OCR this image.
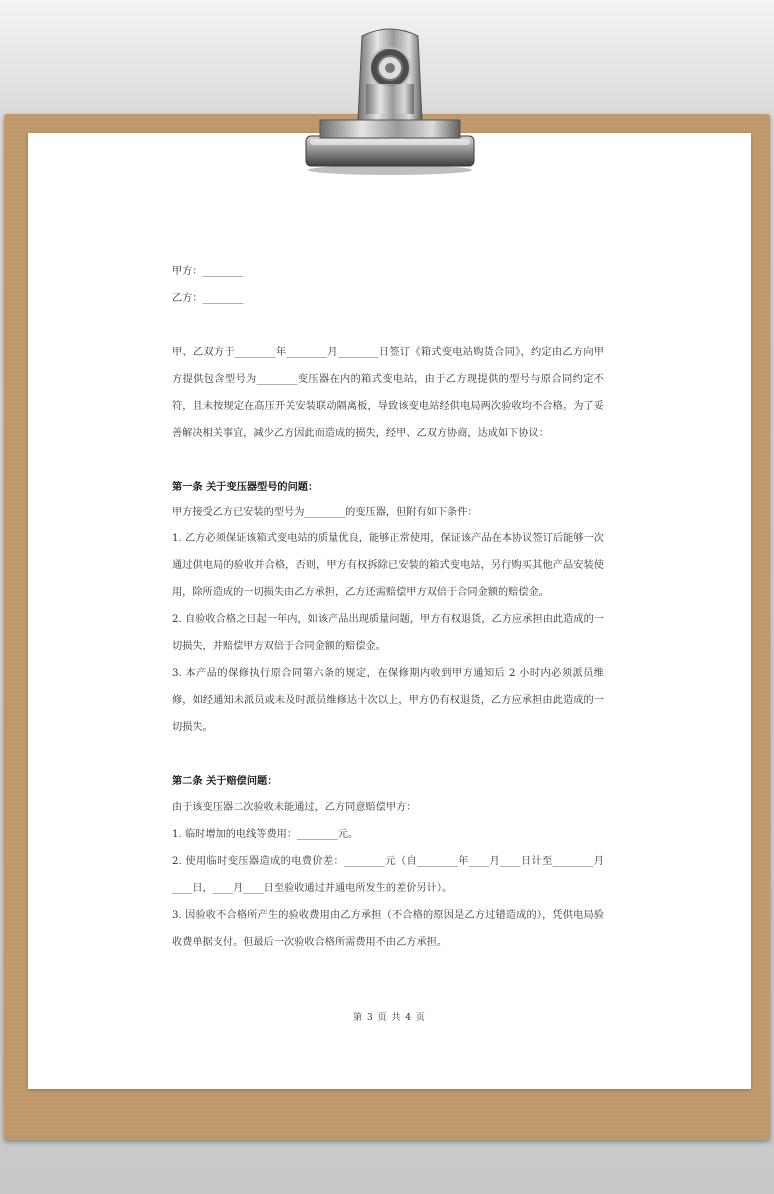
甲方：________
乙方：________
甲、乙双方于________年________月________日签订《箱式变电站购货合同》，约定由乙方向甲方提供包含型号为________变压器在内的箱式变电站，由于乙方现提供的型号与原合同约定不符，且未按规定在高压开关安装联动隔离板，导致该变电站经供电局两次验收均不合格。为了妥善解决相关事宜，减少乙方因此而造成的损失，经甲、乙双方协商，达成如下协议：
第一条 关于变压器型号的问题：
甲方接受乙方已安装的型号为________的变压器，但附有如下条件：
1. 乙方必须保证该箱式变电站的质量优良，能够正常使用，保证该产品在本协议签订后能够一次通过供电局的验收并合格，否则，甲方有权拆除已安装的箱式变电站，另行购买其他产品安装使用，除所造成的一切损失由乙方承担，乙方还需赔偿甲方双倍于合同金额的赔偿金。
2. 自验收合格之日起一年内，如该产品出现质量问题，甲方有权退货，乙方应承担由此造成的一切损失，并赔偿甲方双倍于合同金额的赔偿金。
3. 本产品的保修执行原合同第六条的规定，在保修期内收到甲方通知后 2 小时内必须派员维修，如经通知未派员或未及时派员维修达十次以上，甲方仍有权退货，乙方应承担由此造成的一切损失。
第二条 关于赔偿问题：
由于该变压器二次验收未能通过，乙方同意赔偿甲方：
1. 临时增加的电线等费用：________元。
2. 使用临时变压器造成的电费价差：________元（自________年____月____日计至________月____日，____月____日至验收通过并通电所发生的差价另计）。
3. 因验收不合格所产生的验收费用由乙方承担（不合格的原因是乙方过错造成的），凭供电局验收费单据支付。但最后一次验收合格所需费用不由乙方承担。
第 3 页 共 4 页
